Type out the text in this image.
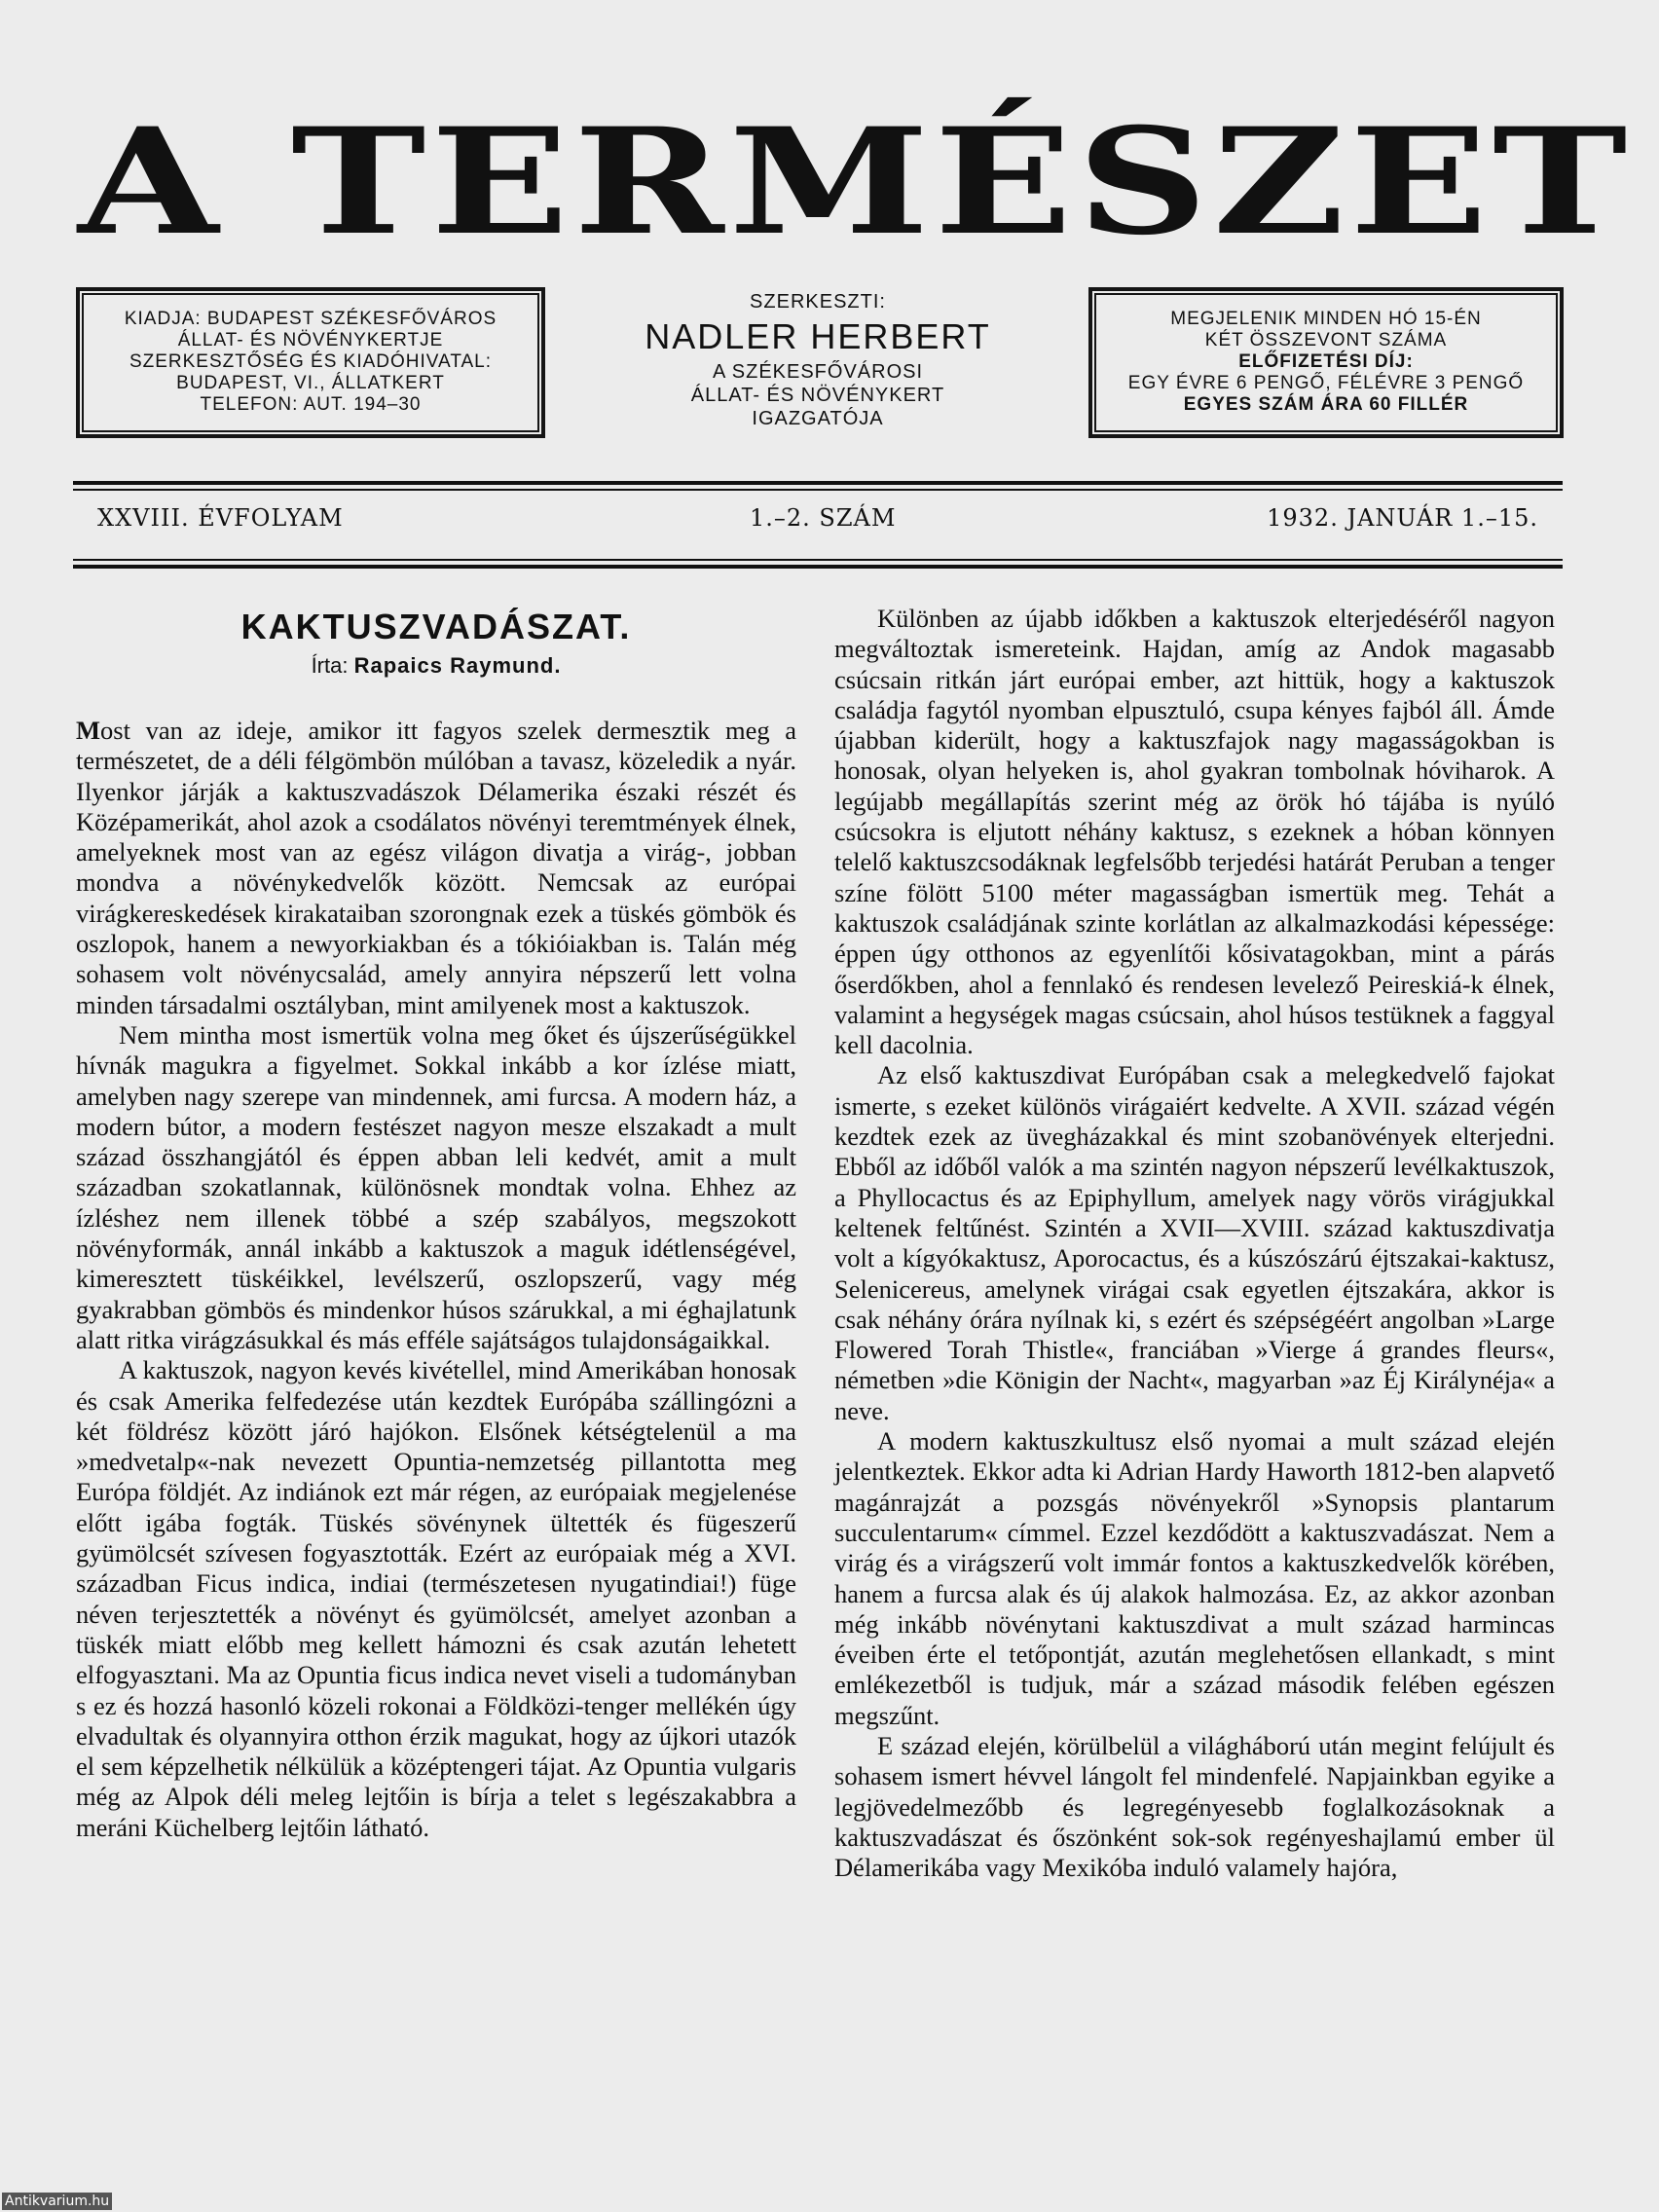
A TERMÉSZET
KIADJA: BUDAPEST SZÉKESFŐVÁROS
ÁLLAT- ÉS NÖVÉNYKERTJE
SZERKESZTŐSÉG ÉS KIADÓHIVATAL:
BUDAPEST, VI., ÁLLATKERT
TELEFON: AUT. 194–30
SZERKESZTI:
NADLER HERBERT
A SZÉKESFŐVÁROSI
ÁLLAT- ÉS NÖVÉNYKERT
IGAZGATÓJA
MEGJELENIK MINDEN HÓ 15-ÉN
KÉT ÖSSZEVONT SZÁMA
ELŐFIZETÉSI DÍJ:
EGY ÉVRE 6 PENGŐ, FÉLÉVRE 3 PENGŐ
EGYES SZÁM ÁRA 60 FILLÉR
XXVIII. ÉVFOLYAM	1.–2. SZÁM	1932. JANUÁR 1.–15.
KAKTUSZVADÁSZAT.
Írta: Rapaics Raymund.

Most van az ideje, amikor itt fagyos szelek dermesztik meg a természetet, de a déli félgömbön múlóban a tavasz, közeledik a nyár. Ilyenkor járják a kaktuszvadászok Délamerika északi részét és Középamerikát, ahol azok a csodálatos növényi teremtmények élnek, amelyeknek most van az egész világon divatja a virág-, jobban mondva a növénykedvelők között. Nemcsak az európai virágkereskedések kirakataiban szorongnak ezek a tüskés gömbök és oszlopok, hanem a newyorkiakban és a tókióiakban is. Talán még sohasem volt növénycsalád, amely annyira népszerű lett volna minden társadalmi osztályban, mint amilyenek most a kaktuszok.

Nem mintha most ismertük volna meg őket és újszerűségükkel hívnák magukra a figyelmet. Sokkal inkább a kor ízlése miatt, amelyben nagy szerepe van mindennek, ami furcsa. A modern ház, a modern bútor, a modern festészet nagyon mesze elszakadt a mult század összhangjától és éppen abban leli kedvét, amit a mult században szokatlannak, különösnek mondtak volna. Ehhez az ízléshez nem illenek többé a szép szabályos, megszokott növényformák, annál inkább a kaktuszok a maguk idétlenségével, kimeresztett tüskéikkel, levélszerű, oszlopszerű, vagy még gyakrabban gömbös és mindenkor húsos szárukkal, a mi éghajlatunk alatt ritka virágzásukkal és más efféle sajátságos tulajdonságaikkal.

A kaktuszok, nagyon kevés kivétellel, mind Amerikában honosak és csak Amerika felfedezése után kezdtek Európába szállingózni a két földrész között járó hajókon. Elsőnek kétségtelenül a ma »medvetalp«-nak nevezett Opuntia-nemzetség pillantotta meg Európa földjét. Az indiánok ezt már régen, az európaiak megjelenése előtt igába fogták. Tüskés sövénynek ültették és fügeszerű gyümölcsét szívesen fogyasztották. Ezért az európaiak még a XVI. században Ficus indica, indiai (természetesen nyugatindiai!) füge néven terjesztették a növényt és gyümölcsét, amelyet azonban a tüskék miatt előbb meg kellett hámozni és csak azután lehetett elfogyasztani. Ma az Opuntia ficus indica nevet viseli a tudományban s ez és hozzá hasonló közeli rokonai a Földközi-tenger mellékén úgy elvadultak és olyannyira otthon érzik magukat, hogy az újkori utazók el sem képzelhetik nélkülük a középtengeri tájat. Az Opuntia vulgaris még az Alpok déli meleg lejtőin is bírja a telet s legészakabbra a meráni Küchelberg lejtőin látható.

Különben az újabb időkben a kaktuszok elterjedéséről nagyon megváltoztak ismereteink. Hajdan, amíg az Andok magasabb csúcsain ritkán járt európai ember, azt hittük, hogy a kaktuszok családja fagytól nyomban elpusztuló, csupa kényes fajból áll. Ámde újabban kiderült, hogy a kaktuszfajok nagy magasságokban is honosak, olyan helyeken is, ahol gyakran tombolnak hóviharok. A legújabb megállapítás szerint még az örök hó tájába is nyúló csúcsokra is eljutott néhány kaktusz, s ezeknek a hóban könnyen telelő kaktuszcsodáknak legfelsőbb terjedési határát Peruban a tenger színe fölött 5100 méter magasságban ismertük meg. Tehát a kaktuszok családjának szinte korlátlan az alkalmazkodási képessége: éppen úgy otthonos az egyenlítői kősivatagokban, mint a párás őserdőkben, ahol a fennlakó és rendesen levelező Peireskiá-k élnek, valamint a hegységek magas csúcsain, ahol húsos testüknek a faggyal kell dacolnia.

Az első kaktuszdivat Európában csak a melegkedvelő fajokat ismerte, s ezeket különös virágaiért kedvelte. A XVII. század végén kezdtek ezek az üvegházakkal és mint szobanövények elterjedni. Ebből az időből valók a ma szintén nagyon népszerű levélkaktuszok, a Phyllocactus és az Epiphyllum, amelyek nagy vörös virágjukkal keltenek feltűnést. Szintén a XVII—XVIII. század kaktuszdivatja volt a kígyókaktusz, Aporocactus, és a kúszószárú éjtszakai-kaktusz, Selenicereus, amelynek virágai csak egyetlen éjtszakára, akkor is csak néhány órára nyílnak ki, s ezért és szépségéért angolban »Large Flowered Torah Thistle«, franciában »Vierge á grandes fleurs«, németben »die Königin der Nacht«, magyarban »az Éj Királynéja« a neve.

A modern kaktuszkultusz első nyomai a mult század elején jelentkeztek. Ekkor adta ki Adrian Hardy Haworth 1812-ben alapvető magánrajzát a pozsgás növényekről »Synopsis plantarum succulentarum« címmel. Ezzel kezdődött a kaktuszvadászat. Nem a virág és a virágszerű volt immár fontos a kaktuszkedvelők körében, hanem a furcsa alak és új alakok halmozása. Ez, az akkor azonban még inkább növénytani kaktuszdivat a mult század harmincas éveiben érte el tetőpontját, azután meglehetősen ellankadt, s mint emlékezetből is tudjuk, már a század második felében egészen megszűnt.

E század elején, körülbelül a világháború után megint felújult és sohasem ismert hévvel lángolt fel mindenfelé. Napjainkban egyike a legjövedelmezőbb és legregényesebb foglalkozásoknak a kaktuszvadászat és őszönként sok-sok regényeshajlamú ember ül Délamerikába vagy Mexikóba induló valamely hajóra,

Antikvarium.hu
